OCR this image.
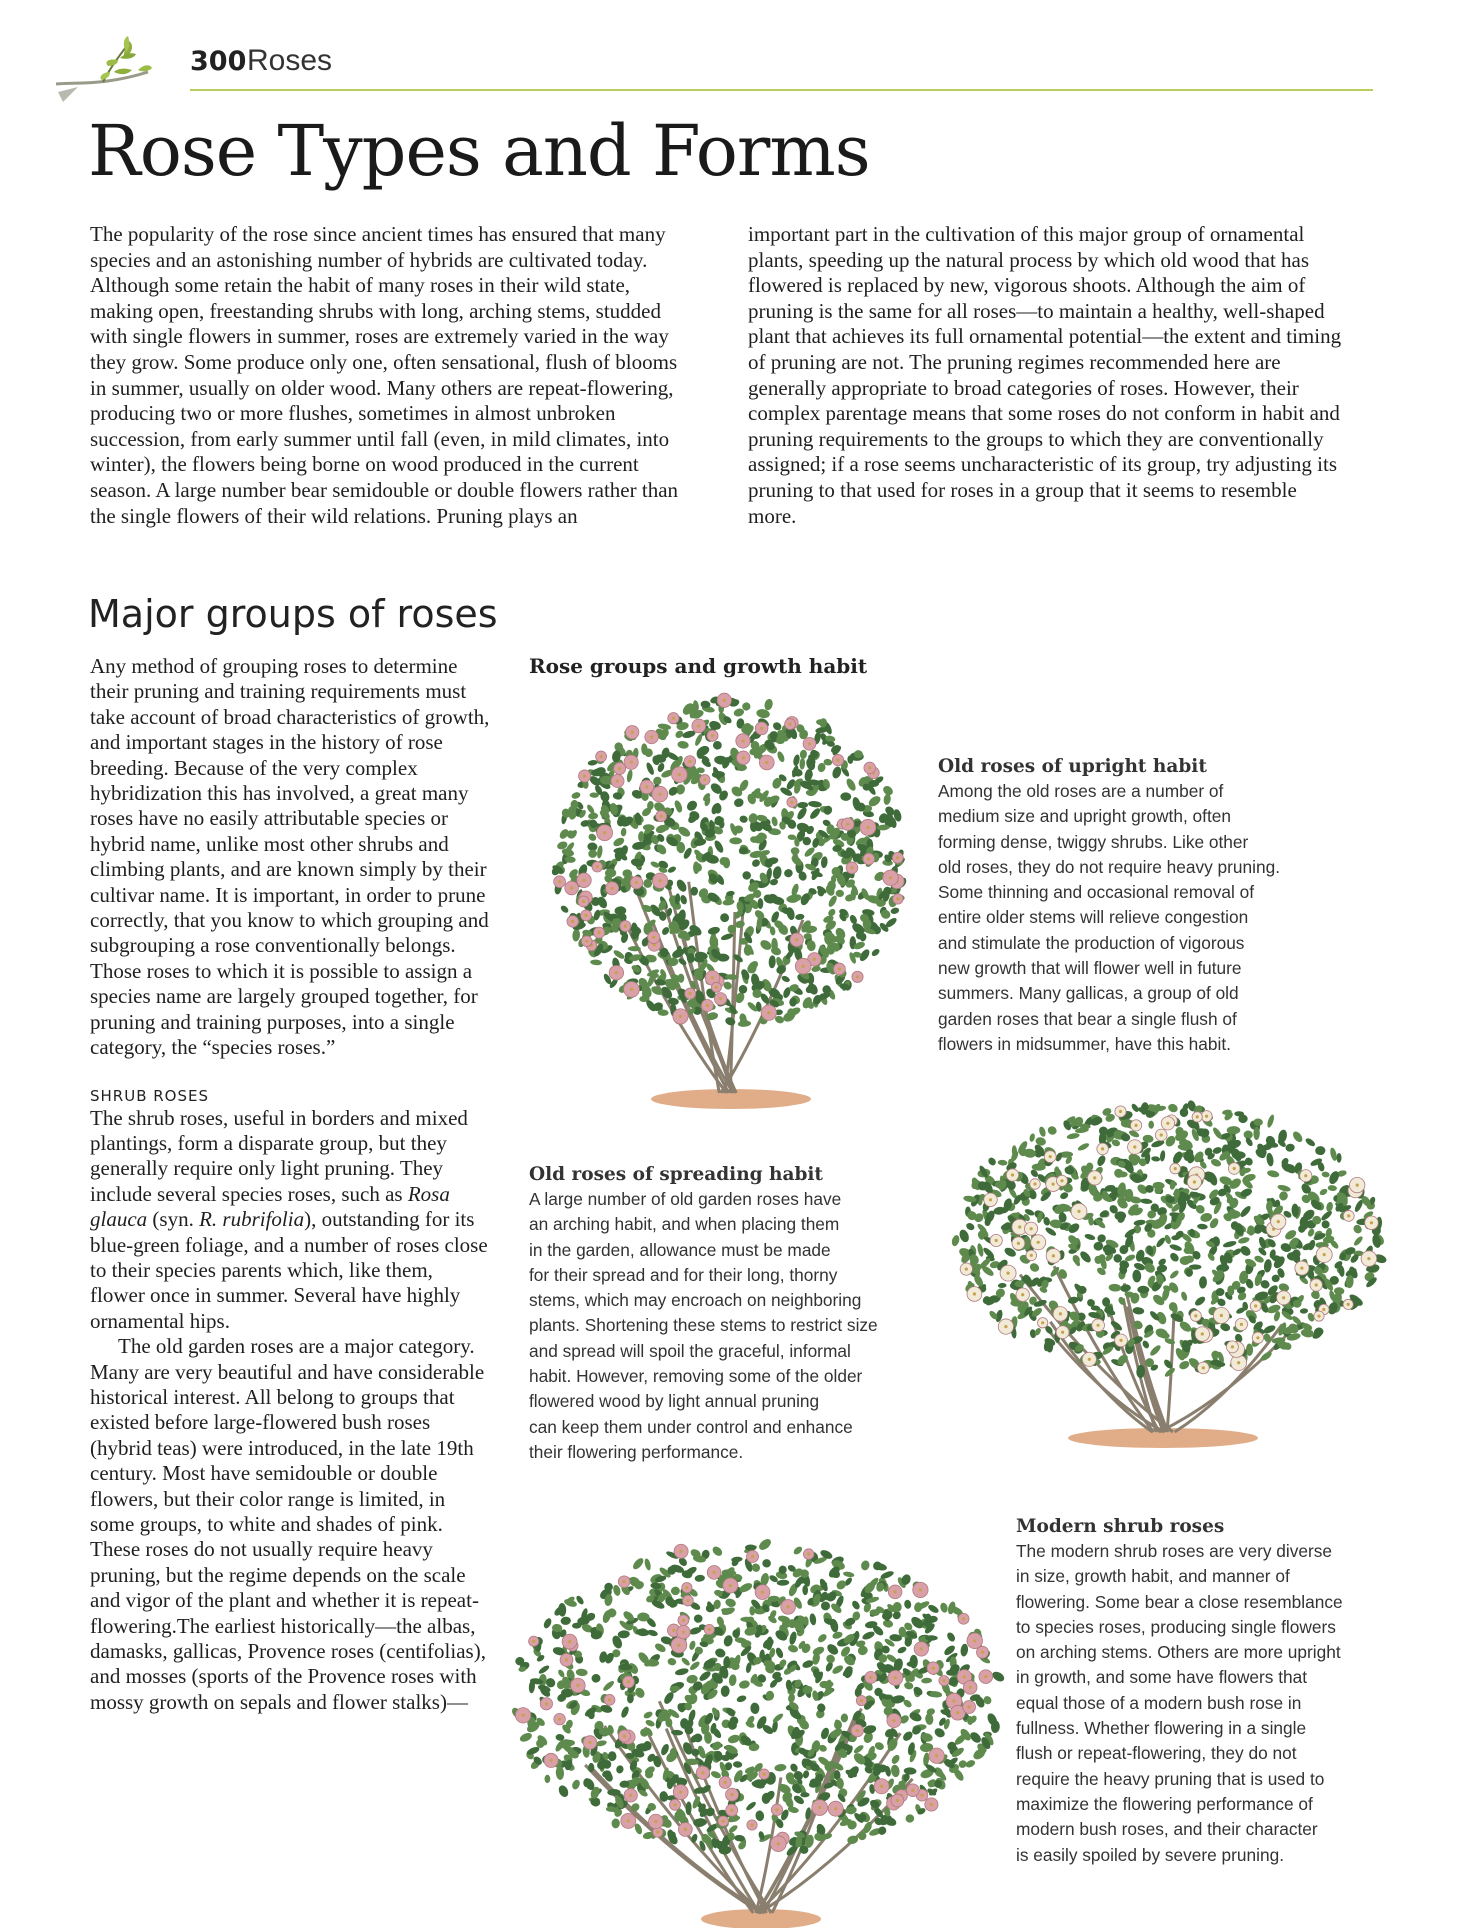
300 Roses
Rose Types and Forms

The popularity of the rose since ancient times has ensured that many species and an astonishing number of hybrids are cultivated today. Although some retain the habit of many roses in their wild state, making open, freestanding shrubs with long, arching stems, studded with single flowers in summer, roses are extremely varied in the way they grow. Some produce only one, often sensational, flush of blooms in summer, usually on older wood. Many others are repeat-flowering, producing two or more flushes, sometimes in almost unbroken succession, from early summer until fall (even, in mild climates, into winter), the flowers being borne on wood produced in the current season. A large number bear semidouble or double flowers rather than the single flowers of their wild relations. Pruning plays an

important part in the cultivation of this major group of ornamental plants, speeding up the natural process by which old wood that has flowered is replaced by new, vigorous shoots. Although the aim of pruning is the same for all roses—to maintain a healthy, well-shaped plant that achieves its full ornamental potential—the extent and timing of pruning are not. The pruning regimes recommended here are generally appropriate to broad categories of roses. However, their complex parentage means that some roses do not conform in habit and pruning requirements to the groups to which they are conventionally assigned; if a rose seems uncharacteristic of its group, try adjusting its pruning to that used for roses in a group that it seems to resemble more.

Major groups of roses

Any method of grouping roses to determine their pruning and training requirements must take account of broad characteristics of growth, and important stages in the history of rose breeding. Because of the very complex hybridization this has involved, a great many roses have no easily attributable species or hybrid name, unlike most other shrubs and climbing plants, and are known simply by their cultivar name. It is important, in order to prune correctly, that you know to which grouping and subgrouping a rose conventionally belongs. Those roses to which it is possible to assign a species name are largely grouped together, for pruning and training purposes, into a single category, the “species roses.”

SHRUB ROSES

The shrub roses, useful in borders and mixed plantings, form a disparate group, but they generally require only light pruning. They include several species roses, such as Rosa glauca (syn. R. rubrifolia), outstanding for its blue-green foliage, and a number of roses close to their species parents which, like them, flower once in summer. Several have highly ornamental hips.

The old garden roses are a major category. Many are very beautiful and have considerable historical interest. All belong to groups that existed before large-flowered bush roses (hybrid teas) were introduced, in the late 19th century. Most have semidouble or double flowers, but their color range is limited, in some groups, to white and shades of pink. These roses do not usually require heavy pruning, but the regime depends on the scale and vigor of the plant and whether it is repeat-flowering.The earliest historically—the albas, damasks, gallicas, Provence roses (centifolias), and mosses (sports of the Provence roses with mossy growth on sepals and flower stalks)—

Rose groups and growth habit
Old roses of upright habit
Among the old roses are a number of
medium size and upright growth, often
forming dense, twiggy shrubs. Like other
old roses, they do not require heavy pruning.
Some thinning and occasional removal of
entire older stems will relieve congestion
and stimulate the production of vigorous
new growth that will flower well in future
summers. Many gallicas, a group of old
garden roses that bear a single flush of
flowers in midsummer, have this habit.
Old roses of spreading habit
A large number of old garden roses have
an arching habit, and when placing them
in the garden, allowance must be made
for their spread and for their long, thorny
stems, which may encroach on neighboring
plants. Shortening these stems to restrict size
and spread will spoil the graceful, informal
habit. However, removing some of the older
flowered wood by light annual pruning
can keep them under control and enhance
their flowering performance.
Modern shrub roses
The modern shrub roses are very diverse
in size, growth habit, and manner of
flowering. Some bear a close resemblance
to species roses, producing single flowers
on arching stems. Others are more upright
in growth, and some have flowers that
equal those of a modern bush rose in
fullness. Whether flowering in a single
flush or repeat-flowering, they do not
require the heavy pruning that is used to
maximize the flowering performance of
modern bush roses, and their character
is easily spoiled by severe pruning.
